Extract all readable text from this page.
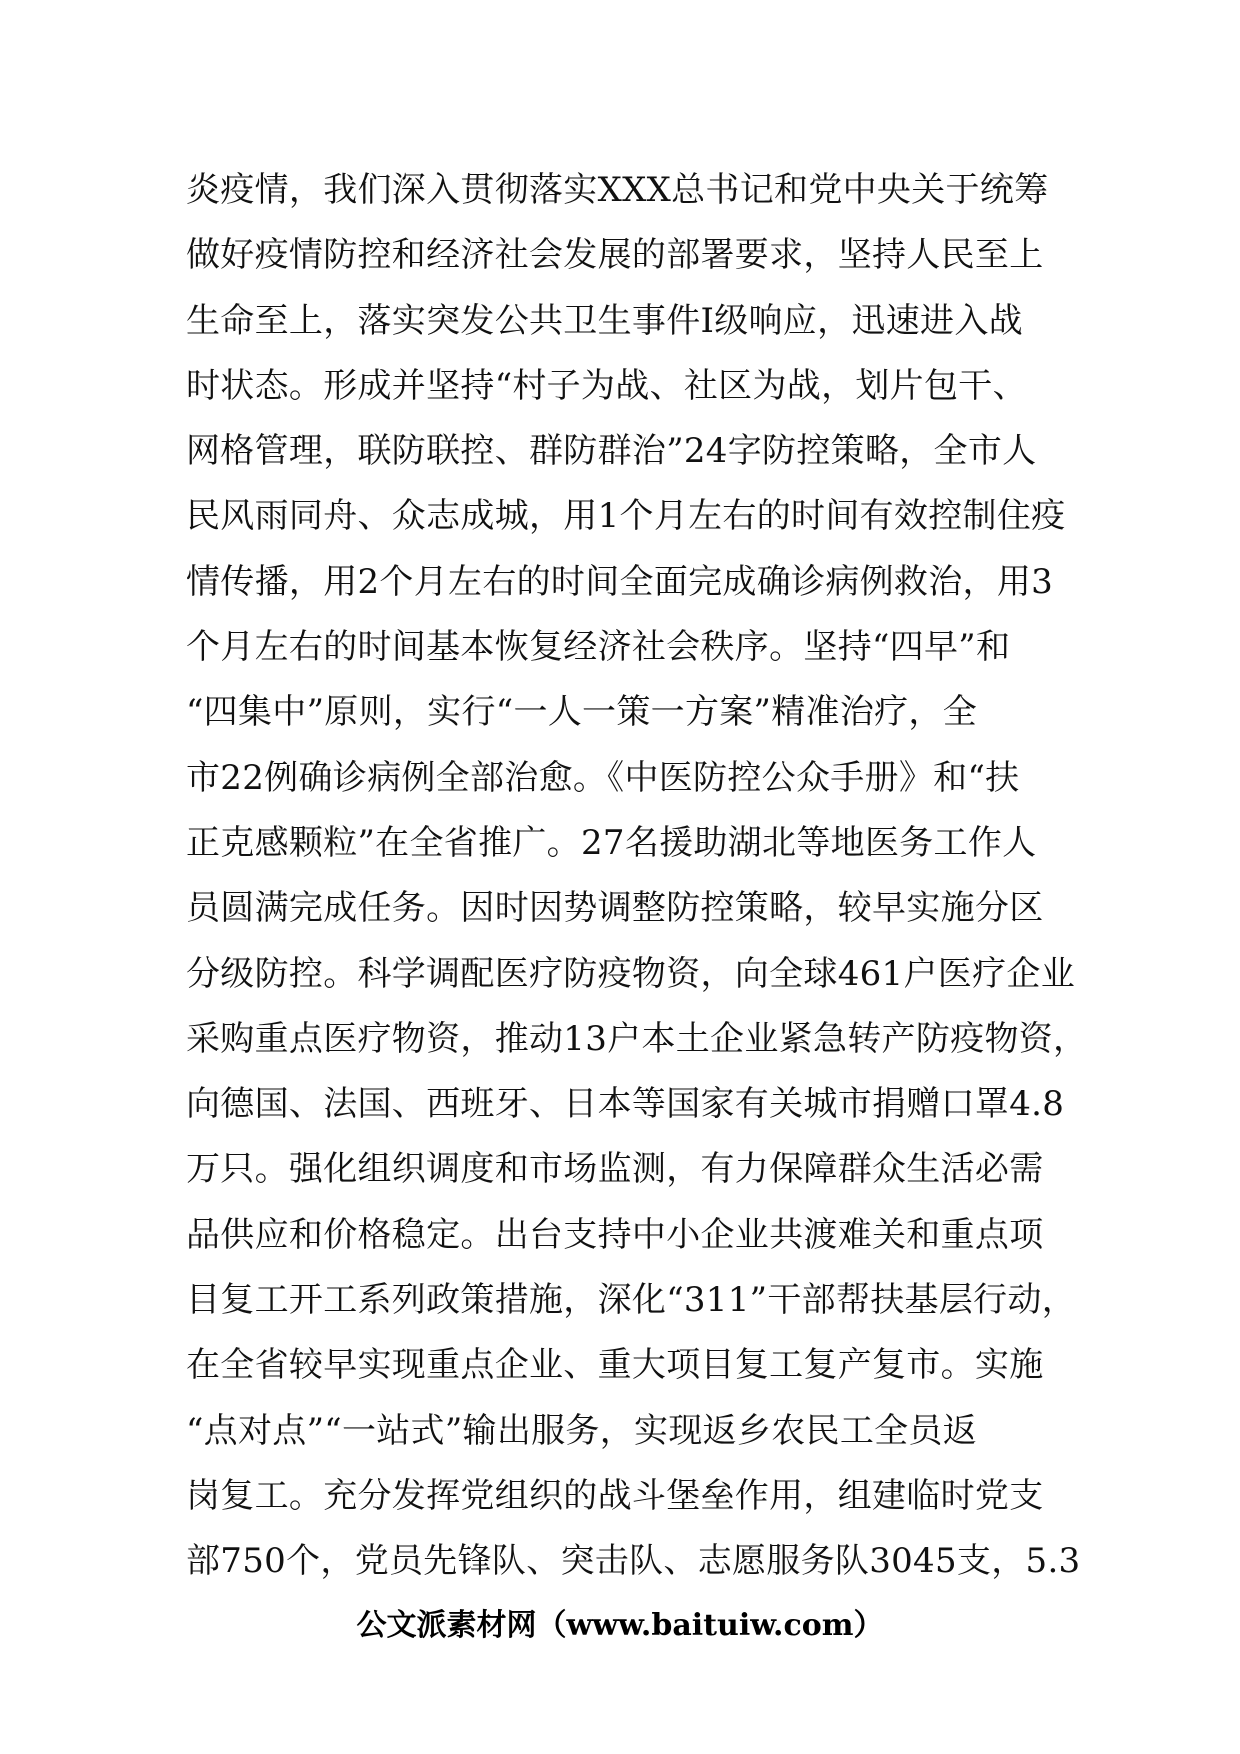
炎疫情，我们深入贯彻落实XXX总书记和党中央关于统筹
做好疫情防控和经济社会发展的部署要求，坚持人民至上
生命至上，落实突发公共卫生事件Ⅰ级响应，迅速进入战
时状态。形成并坚持“村子为战、社区为战，划片包干、
网格管理，联防联控、群防群治”24字防控策略，全市人
民风雨同舟、众志成城，用1个月左右的时间有效控制住疫
情传播，用2个月左右的时间全面完成确诊病例救治，用3
个月左右的时间基本恢复经济社会秩序。坚持“四早”和
“四集中”原则，实行“一人一策一方案”精准治疗，全
市22例确诊病例全部治愈。《中医防控公众手册》和“扶
正克感颗粒”在全省推广。27名援助湖北等地医务工作人
员圆满完成任务。因时因势调整防控策略，较早实施分区
分级防控。科学调配医疗防疫物资，向全球461户医疗企业
采购重点医疗物资，推动13户本土企业紧急转产防疫物资，
向德国、法国、西班牙、日本等国家有关城市捐赠口罩4.8
万只。强化组织调度和市场监测，有力保障群众生活必需
品供应和价格稳定。出台支持中小企业共渡难关和重点项
目复工开工系列政策措施，深化“311”干部帮扶基层行动，
在全省较早实现重点企业、重大项目复工复产复市。实施
“点对点”“一站式”输出服务，实现返乡农民工全员返
岗复工。充分发挥党组织的战斗堡垒作用，组建临时党支
部750个，党员先锋队、突击队、志愿服务队3045支，5.3
公文派素材网（www.baituiw.com）
